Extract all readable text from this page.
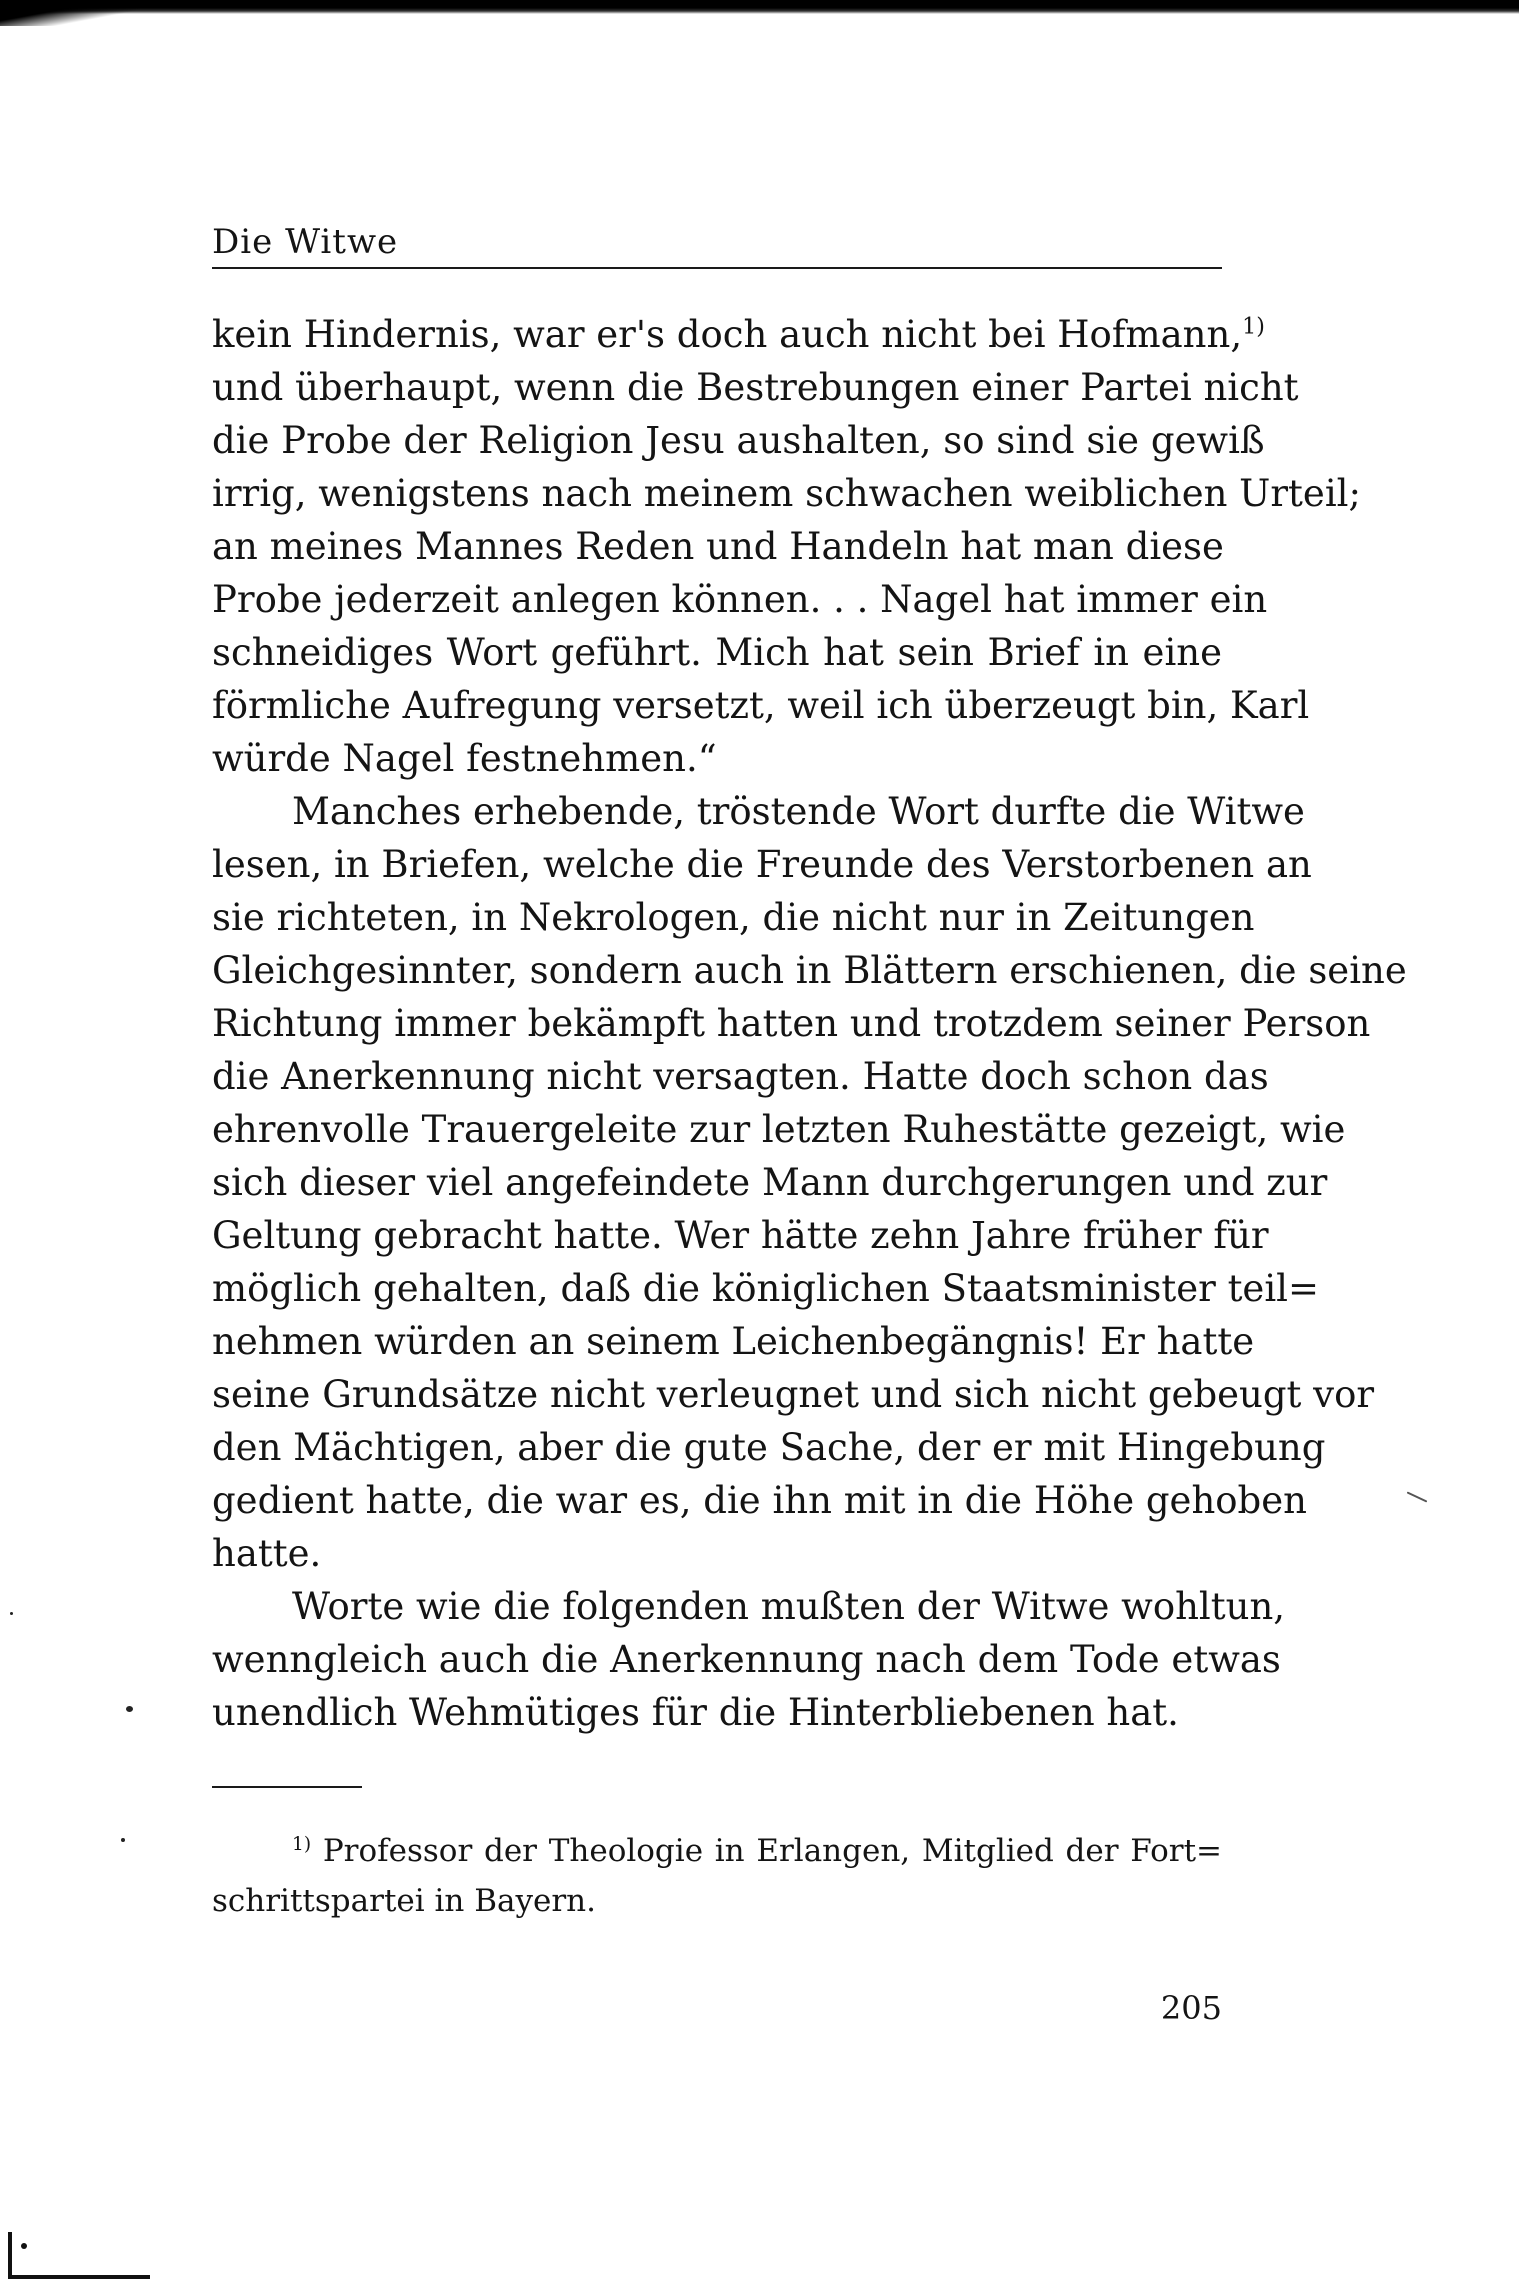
Die Witwe
kein Hindernis, war er's doch auch nicht bei Hofmann,$^{1)}$
und überhaupt, wenn die Bestrebungen einer Partei nicht
die Probe der Religion Jesu aushalten, so sind sie gewiß
irrig, wenigstens nach meinem schwachen weiblichen Urteil;
an meines Mannes Reden und Handeln hat man diese
Probe jederzeit anlegen können. . . Nagel hat immer ein
schneidiges Wort geführt. Mich hat sein Brief in eine
förmliche Aufregung versetzt, weil ich überzeugt bin, Karl
würde Nagel festnehmen.“
Manches erhebende, tröstende Wort durfte die Witwe
lesen, in Briefen, welche die Freunde des Verstorbenen an
sie richteten, in Nekrologen, die nicht nur in Zeitungen
Gleichgesinnter, sondern auch in Blättern erschienen, die seine
Richtung immer bekämpft hatten und trotzdem seiner Person
die Anerkennung nicht versagten. Hatte doch schon das
ehrenvolle Trauergeleite zur letzten Ruhestätte gezeigt, wie
sich dieser viel angefeindete Mann durchgerungen und zur
Geltung gebracht hatte. Wer hätte zehn Jahre früher für
möglich gehalten, daß die königlichen Staatsminister teil=
nehmen würden an seinem Leichenbegängnis! Er hatte
seine Grundsätze nicht verleugnet und sich nicht gebeugt vor
den Mächtigen, aber die gute Sache, der er mit Hingebung
gedient hatte, die war es, die ihn mit in die Höhe gehoben
hatte.
Worte wie die folgenden mußten der Witwe wohltun,
wenngleich auch die Anerkennung nach dem Tode etwas
unendlich Wehmütiges für die Hinterbliebenen hat.
$^{1)}$ Professor der Theologie in Erlangen, Mitglied der Fort=
schrittspartei in Bayern.
205
